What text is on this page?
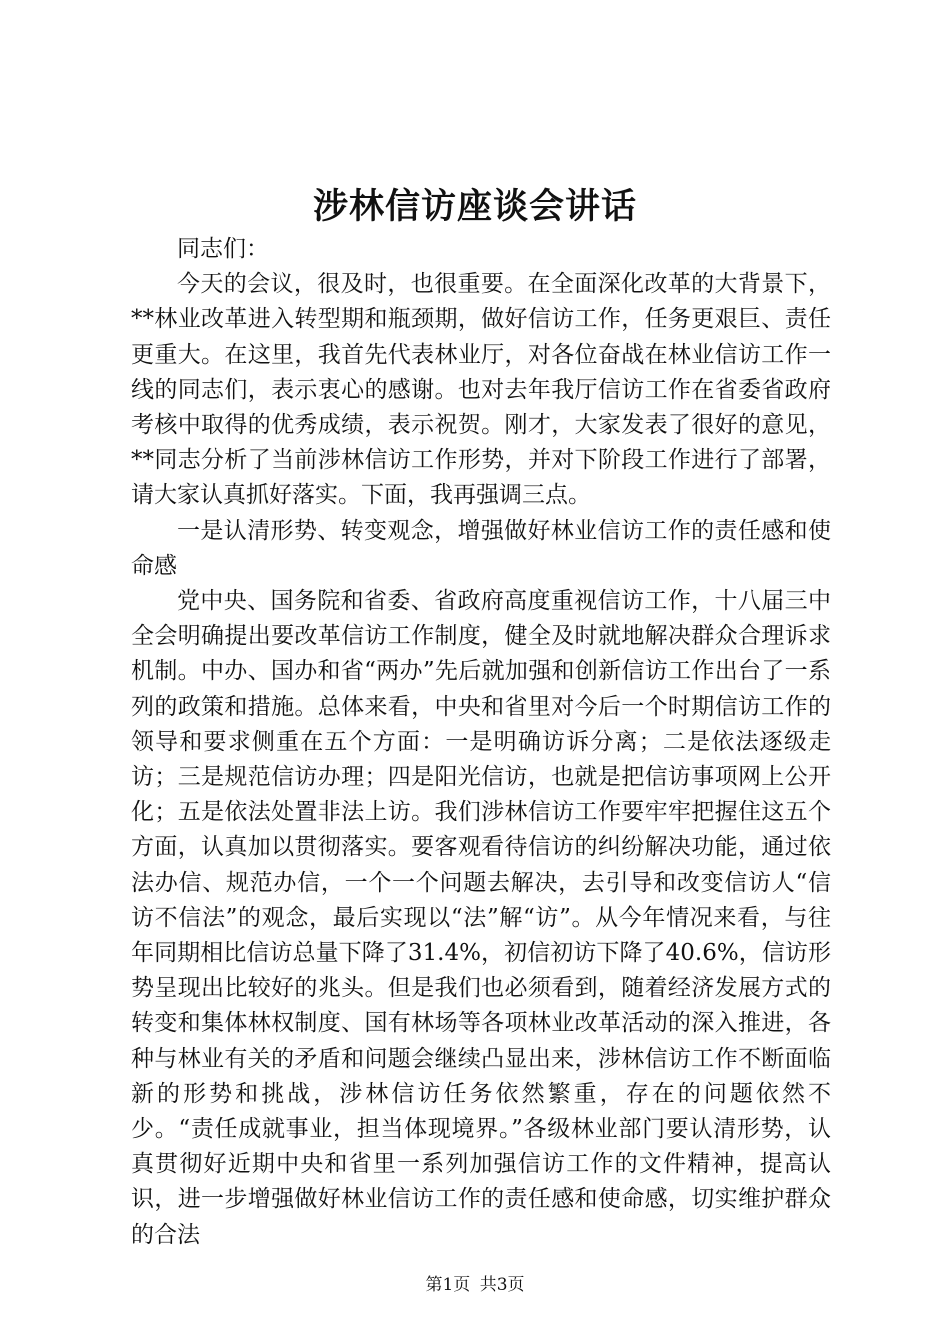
涉林信访座谈会讲话

同志们：

今天的会议，很及时，也很重要。在全面深化改革的大背景下，**林业改革进入转型期和瓶颈期，做好信访工作，任务更艰巨、责任更重大。在这里，我首先代表林业厅，对各位奋战在林业信访工作一线的同志们，表示衷心的感谢。也对去年我厅信访工作在省委省政府考核中取得的优秀成绩，表示祝贺。刚才，大家发表了很好的意见，**同志分析了当前涉林信访工作形势，并对下阶段工作进行了部署，请大家认真抓好落实。下面，我再强调三点。

一是认清形势、转变观念，增强做好林业信访工作的责任感和使命感

党中央、国务院和省委、省政府高度重视信访工作，十八届三中全会明确提出要改革信访工作制度，健全及时就地解决群众合理诉求机制。中办、国办和省“两办”先后就加强和创新信访工作出台了一系列的政策和措施。总体来看，中央和省里对今后一个时期信访工作的领导和要求侧重在五个方面：一是明确访诉分离；二是依法逐级走访；三是规范信访办理；四是阳光信访，也就是把信访事项网上公开化；五是依法处置非法上访。我们涉林信访工作要牢牢把握住这五个方面，认真加以贯彻落实。要客观看待信访的纠纷解决功能，通过依法办信、规范办信，一个一个问题去解决，去引导和改变信访人“信访不信法”的观念，最后实现以“法”解“访”。从今年情况来看，与往年同期相比信访总量下降了31.4%，初信初访下降了40.6%，信访形势呈现出比较好的兆头。但是我们也必须看到，随着经济发展方式的转变和集体林权制度、国有林场等各项林业改革活动的深入推进，各种与林业有关的矛盾和问题会继续凸显出来，涉林信访工作不断面临新的形势和挑战，涉林信访任务依然繁重，存在的问题依然不少。“责任成就事业，担当体现境界。”各级林业部门要认清形势，认真贯彻好近期中央和省里一系列加强信访工作的文件精神，提高认识，进一步增强做好林业信访工作的责任感和使命感，切实维护群众的合法

第1页 共3页
